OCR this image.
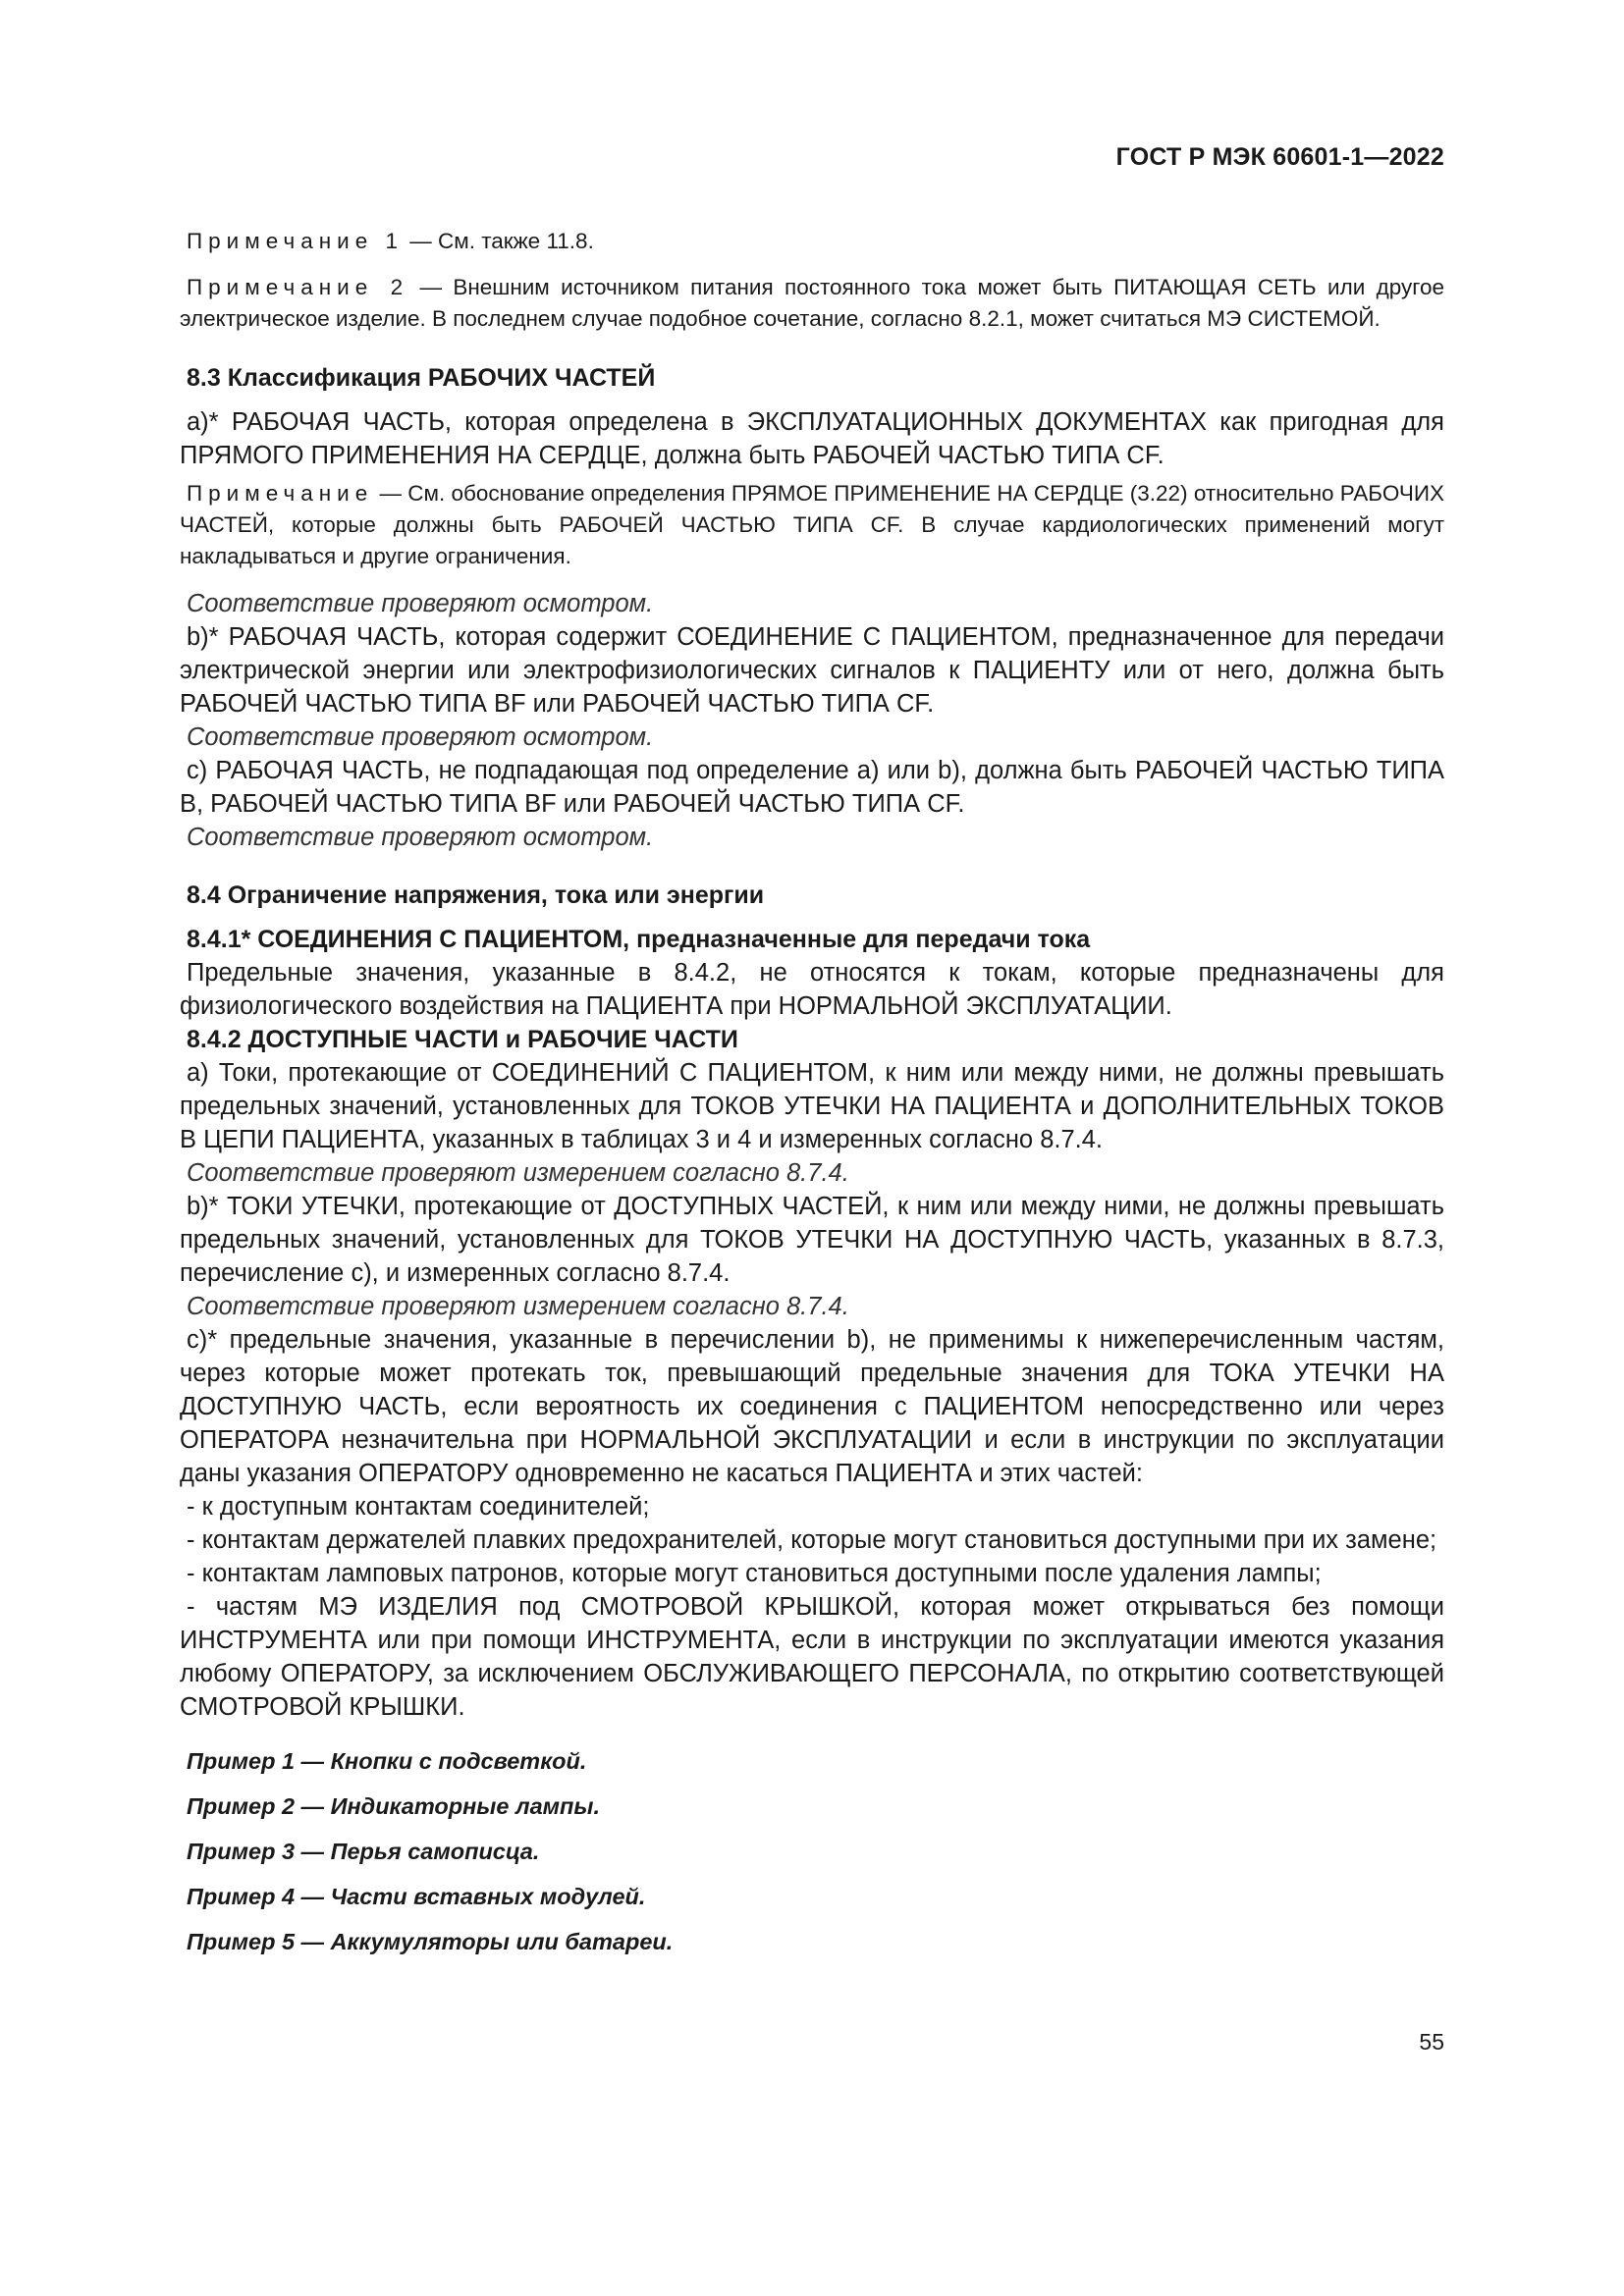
ГОСТ Р МЭК 60601-1—2022

Примечание 1 — См. также 11.8.

Примечание 2 — Внешним источником питания постоянного тока может быть ПИТАЮЩАЯ СЕТЬ или другое электрическое изделие. В последнем случае подобное сочетание, согласно 8.2.1, может считаться МЭ СИСТЕМОЙ.

8.3 Классификация РАБОЧИХ ЧАСТЕЙ

а)* РАБОЧАЯ ЧАСТЬ, которая определена в ЭКСПЛУАТАЦИОННЫХ ДОКУМЕНТАХ как пригодная для ПРЯМОГО ПРИМЕНЕНИЯ НА СЕРДЦЕ, должна быть РАБОЧЕЙ ЧАСТЬЮ ТИПА CF.

Примечание — См. обоснование определения ПРЯМОЕ ПРИМЕНЕНИЕ НА СЕРДЦЕ (3.22) относительно РАБОЧИХ ЧАСТЕЙ, которые должны быть РАБОЧЕЙ ЧАСТЬЮ ТИПА CF. В случае кардиологических применений могут накладываться и другие ограничения.

Соответствие проверяют осмотром.

b)* РАБОЧАЯ ЧАСТЬ, которая содержит СОЕДИНЕНИЕ С ПАЦИЕНТОМ, предназначенное для передачи электрической энергии или электрофизиологических сигналов к ПАЦИЕНТУ или от него, должна быть РАБОЧЕЙ ЧАСТЬЮ ТИПА BF или РАБОЧЕЙ ЧАСТЬЮ ТИПА CF.

Соответствие проверяют осмотром.

c) РАБОЧАЯ ЧАСТЬ, не подпадающая под определение а) или b), должна быть РАБОЧЕЙ ЧАСТЬЮ ТИПА В, РАБОЧЕЙ ЧАСТЬЮ ТИПА BF или РАБОЧЕЙ ЧАСТЬЮ ТИПА CF.

Соответствие проверяют осмотром.

8.4 Ограничение напряжения, тока или энергии

8.4.1* СОЕДИНЕНИЯ С ПАЦИЕНТОМ, предназначенные для передачи тока

Предельные значения, указанные в 8.4.2, не относятся к токам, которые предназначены для физиологического воздействия на ПАЦИЕНТА при НОРМАЛЬНОЙ ЭКСПЛУАТАЦИИ.

8.4.2 ДОСТУПНЫЕ ЧАСТИ и РАБОЧИЕ ЧАСТИ

а) Токи, протекающие от СОЕДИНЕНИЙ С ПАЦИЕНТОМ, к ним или между ними, не должны превышать предельных значений, установленных для ТОКОВ УТЕЧКИ НА ПАЦИЕНТА и ДОПОЛНИТЕЛЬНЫХ ТОКОВ В ЦЕПИ ПАЦИЕНТА, указанных в таблицах 3 и 4 и измеренных согласно 8.7.4.

Соответствие проверяют измерением согласно 8.7.4.

b)* ТОКИ УТЕЧКИ, протекающие от ДОСТУПНЫХ ЧАСТЕЙ, к ним или между ними, не должны превышать предельных значений, установленных для ТОКОВ УТЕЧКИ НА ДОСТУПНУЮ ЧАСТЬ, указанных в 8.7.3, перечисление с), и измеренных согласно 8.7.4.

Соответствие проверяют измерением согласно 8.7.4.

c)* предельные значения, указанные в перечислении b), не применимы к нижеперечисленным частям, через которые может протекать ток, превышающий предельные значения для ТОКА УТЕЧКИ НА ДОСТУПНУЮ ЧАСТЬ, если вероятность их соединения с ПАЦИЕНТОМ непосредственно или через ОПЕРАТОРА незначительна при НОРМАЛЬНОЙ ЭКСПЛУАТАЦИИ и если в инструкции по эксплуатации даны указания ОПЕРАТОРУ одновременно не касаться ПАЦИЕНТА и этих частей:

- к доступным контактам соединителей;

- контактам держателей плавких предохранителей, которые могут становиться доступными при их замене;

- контактам ламповых патронов, которые могут становиться доступными после удаления лампы;

- частям МЭ ИЗДЕЛИЯ под СМОТРОВОЙ КРЫШКОЙ, которая может открываться без помощи ИНСТРУМЕНТА или при помощи ИНСТРУМЕНТА, если в инструкции по эксплуатации имеются указания любому ОПЕРАТОРУ, за исключением ОБСЛУЖИВАЮЩЕГО ПЕРСОНАЛА, по открытию соответствующей СМОТРОВОЙ КРЫШКИ.

Пример 1 — Кнопки с подсветкой.

Пример 2 — Индикаторные лампы.

Пример 3 — Перья самописца.

Пример 4 — Части вставных модулей.

Пример 5 — Аккумуляторы или батареи.

55
